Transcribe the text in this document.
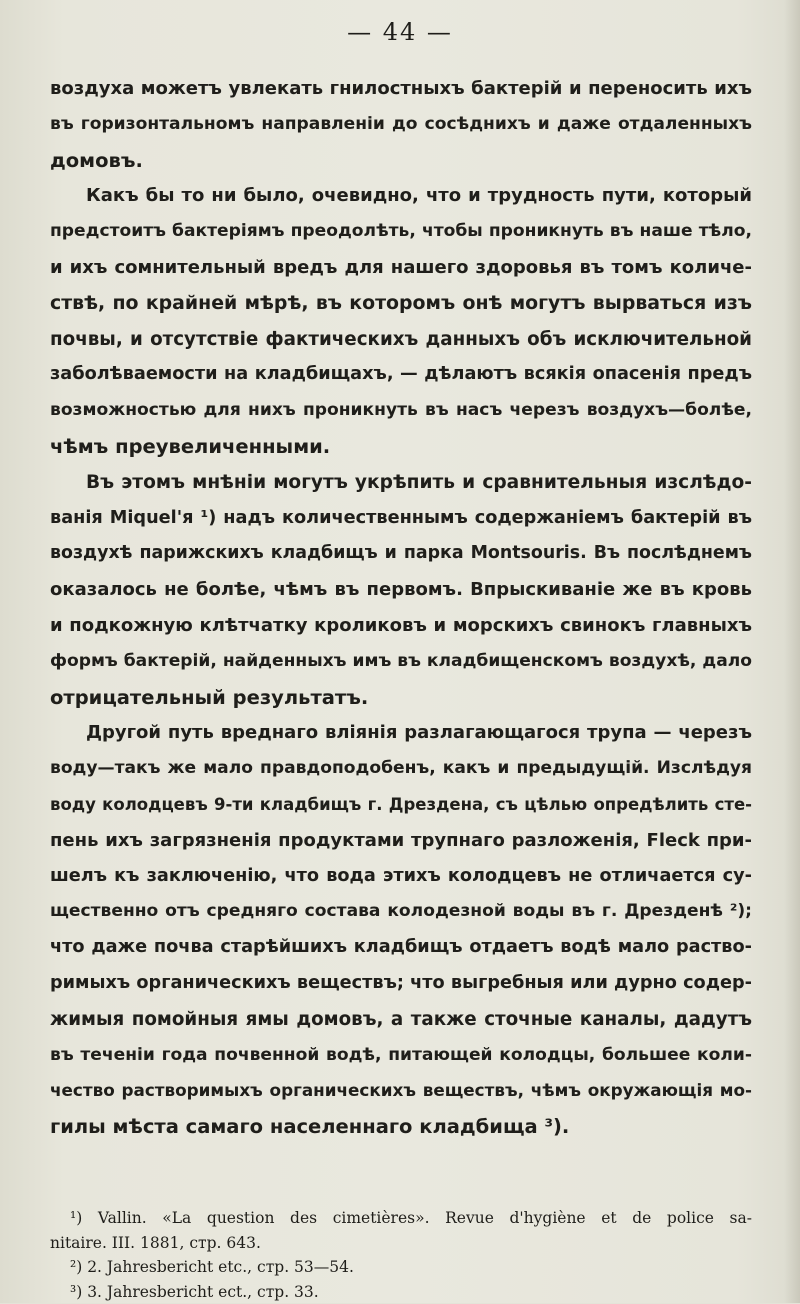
— 44 —
воздуха можетъ увлекать гнилостныхъ бактерій и переносить ихъ
въ горизонтальномъ направленіи до сосѣднихъ и даже отдаленныхъ
домовъ.
Какъ бы то ни было, очевидно, что и трудность пути, который
предстоитъ бактеріямъ преодолѣть, чтобы проникнуть въ наше тѣло,
и ихъ сомнительный вредъ для нашего здоровья въ томъ количе-
ствѣ, по крайней мѣрѣ, въ которомъ онѣ могутъ вырваться изъ
почвы, и отсутствіе фактическихъ данныхъ объ исключительной
заболѣваемости на кладбищахъ, — дѣлаютъ всякія опасенія предъ
возможностью для нихъ проникнуть въ насъ черезъ воздухъ—болѣе,
чѣмъ преувеличенными.
Въ этомъ мнѣніи могутъ укрѣпить и сравнительныя изслѣдо-
ванія Miquel'я ¹) надъ количественнымъ содержаніемъ бактерій въ
воздухѣ парижскихъ кладбищъ и парка Montsouris. Въ послѣднемъ
оказалось не болѣе, чѣмъ въ первомъ. Впрыскиваніе же въ кровь
и подкожную клѣтчатку кроликовъ и морскихъ свинокъ главныхъ
формъ бактерій, найденныхъ имъ въ кладбищенскомъ воздухѣ, дало
отрицательный результатъ.
Другой путь вреднаго вліянія разлагающагося трупа — черезъ
воду—такъ же мало правдоподобенъ, какъ и предыдущій. Изслѣдуя
воду колодцевъ 9-ти кладбищъ г. Дрездена, съ цѣлью опредѣлить сте-
пень ихъ загрязненія продуктами трупнаго разложенія, Fleck при-
шелъ къ заключенію, что вода этихъ колодцевъ не отличается су-
щественно отъ средняго состава колодезной воды въ г. Дрезденѣ ²);
что даже почва старѣйшихъ кладбищъ отдаетъ водѣ мало раство-
римыхъ органическихъ веществъ; что выгребныя или дурно содер-
жимыя помойныя ямы домовъ, а также сточные каналы, дадутъ
въ теченіи года почвенной водѣ, питающей колодцы, большее коли-
чество растворимыхъ органическихъ веществъ, чѣмъ окружающія мо-
гилы мѣста самаго населеннаго кладбища ³).
¹) Vallin. «La question des cimetières». Revue d'hygiène et de police sa-
nitaire. III. 1881, стр. 643.
²) 2. Jahresbericht etc., стр. 53—54.
³) 3. Jahresbericht ect., стр. 33.
